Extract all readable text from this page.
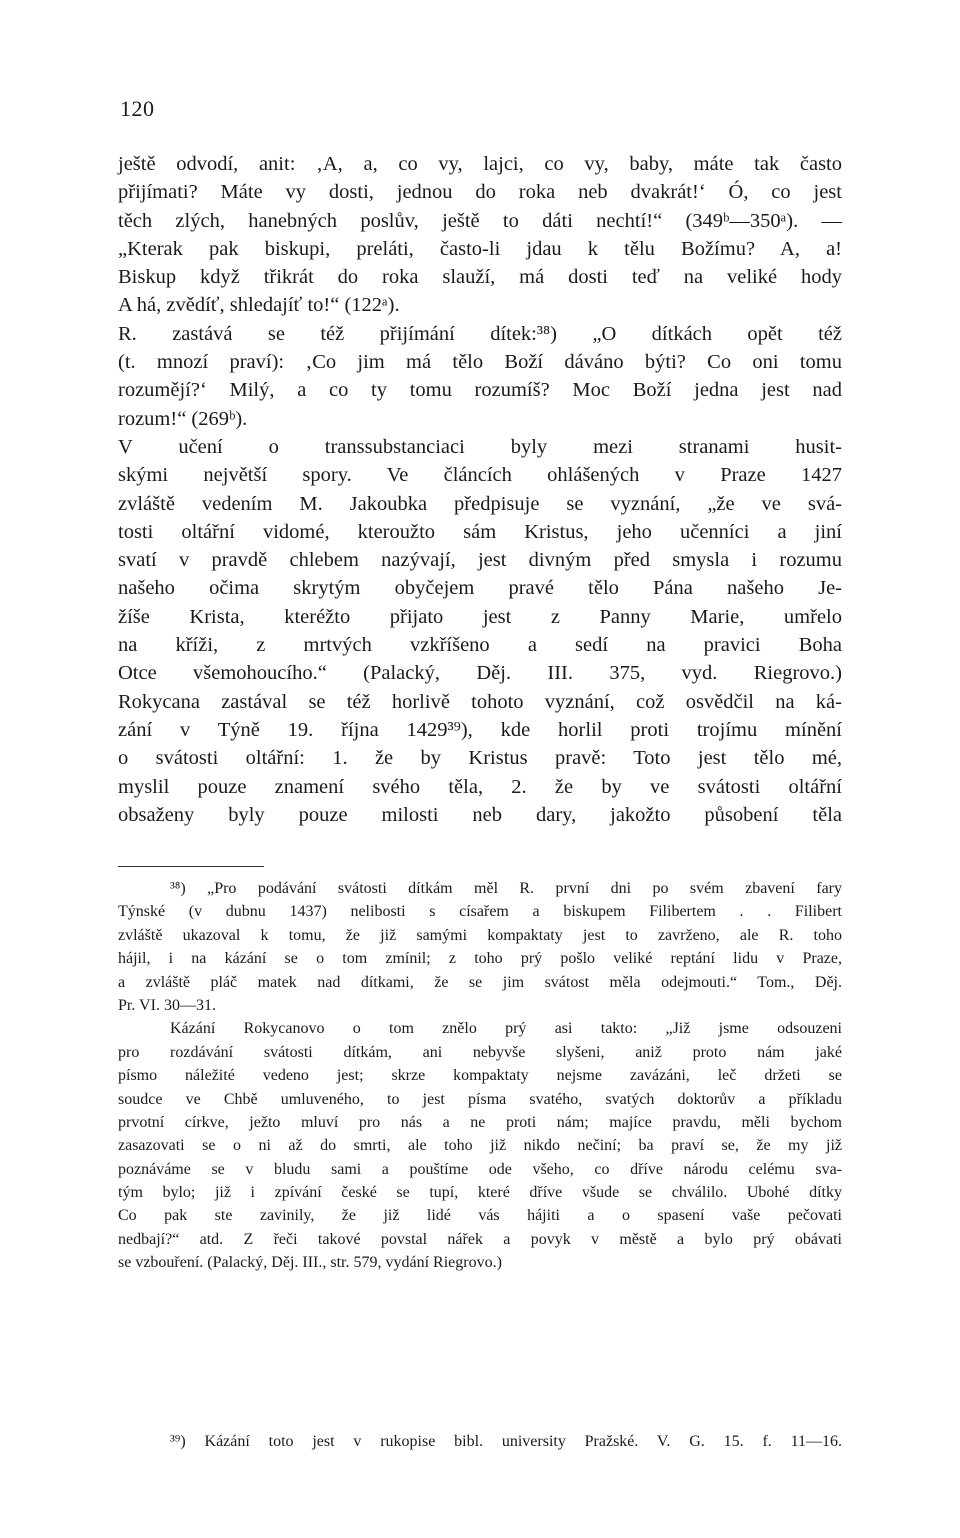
120
ještě odvodí, anit: ‚A, a, co vy, lajci, co vy, baby, máte tak často
přijímati? Máte vy dosti, jednou do roka neb dvakrát!‘ Ó, co jest
těch zlých, hanebných poslův, ještě to dáti nechtí!“ (349ᵇ—350ᵃ). —
„Kterak pak biskupi, preláti, často-li jdau k tělu Božímu? A, a!
Biskup když třikrát do roka slauží, má dosti teď na veliké hody
A há, zvědíť, shledajíť to!“ (122ᵃ).
R. zastává se též přijímání dítek:³⁸) „O dítkách opět též
(t. mnozí praví): ‚Co jim má tělo Boží dáváno býti? Co oni tomu
rozumějí?‘ Milý, a co ty tomu rozumíš? Moc Boží jedna jest nad
rozum!“ (269ᵇ).
V učení o transsubstanciaci byly mezi stranami husit-
skými největší spory. Ve článcích ohlášených v Praze 1427
zvláště vedením M. Jakoubka předpisuje se vyznání, „že ve svá-
tosti oltářní vidomé, kteroužto sám Kristus, jeho učenníci a jiní
svatí v pravdě chlebem nazývají, jest divným před smysla i rozumu
našeho očima skrytým obyčejem pravé tělo Pána našeho Je-
žíše Krista, kteréžto přijato jest z Panny Marie, umřelo
na kříži, z mrtvých vzkříšeno a sedí na pravici Boha
Otce všemohoucího.“ (Palacký, Děj. III. 375, vyd. Riegrovo.)
Rokycana zastával se též horlivě tohoto vyznání, což osvědčil na ká-
zání v Týně 19. října 1429³⁹), kde horlil proti trojímu mínění
o svátosti oltářní: 1. že by Kristus pravě: Toto jest tělo mé,
myslil pouze znamení svého těla, 2. že by ve svátosti oltářní
obsaženy byly pouze milosti neb dary, jakožto působení těla
³⁸) „Pro podávání svátosti dítkám měl R. první dni po svém zbavení fary
Týnské (v dubnu 1437) nelibosti s císařem a biskupem Filibertem . . Filibert
zvláště ukazoval k tomu, že již samými kompaktaty jest to zavrženo, ale R. toho
hájil, i na kázání se o tom zmínil; z toho prý pošlo veliké reptání lidu v Praze,
a zvláště pláč matek nad dítkami, že se jim svátost měla odejmouti.“ Tom., Děj.
Pr. VI. 30—31.
Kázání Rokycanovo o tom znělo prý asi takto: „Již jsme odsouzeni
pro rozdávání svátosti dítkám, ani nebyvše slyšeni, aniž proto nám jaké
písmo náležité vedeno jest; skrze kompaktaty nejsme zavázáni, leč držeti se
soudce ve Chbě umluveného, to jest písma svatého, svatých doktorův a příkladu
prvotní církve, ježto mluví pro nás a ne proti nám; majíce pravdu, měli bychom
zasazovati se o ni až do smrti, ale toho již nikdo nečiní; ba praví se, že my již
poznáváme se v bludu sami a pouštíme ode všeho, co dříve národu celému sva-
tým bylo; již i zpívání české se tupí, které dříve všude se chválilo. Ubohé dítky
Co pak ste zavinily, že již lidé vás hájiti a o spasení vaše pečovati
nedbají?“ atd. Z řeči takové povstal nářek a povyk v městě a bylo prý obávati
se vzbouření. (Palacký, Děj. III., str. 579, vydání Riegrovo.)
³⁹) Kázání toto jest v rukopise bibl. university Pražské. V. G. 15. f. 11—16.
